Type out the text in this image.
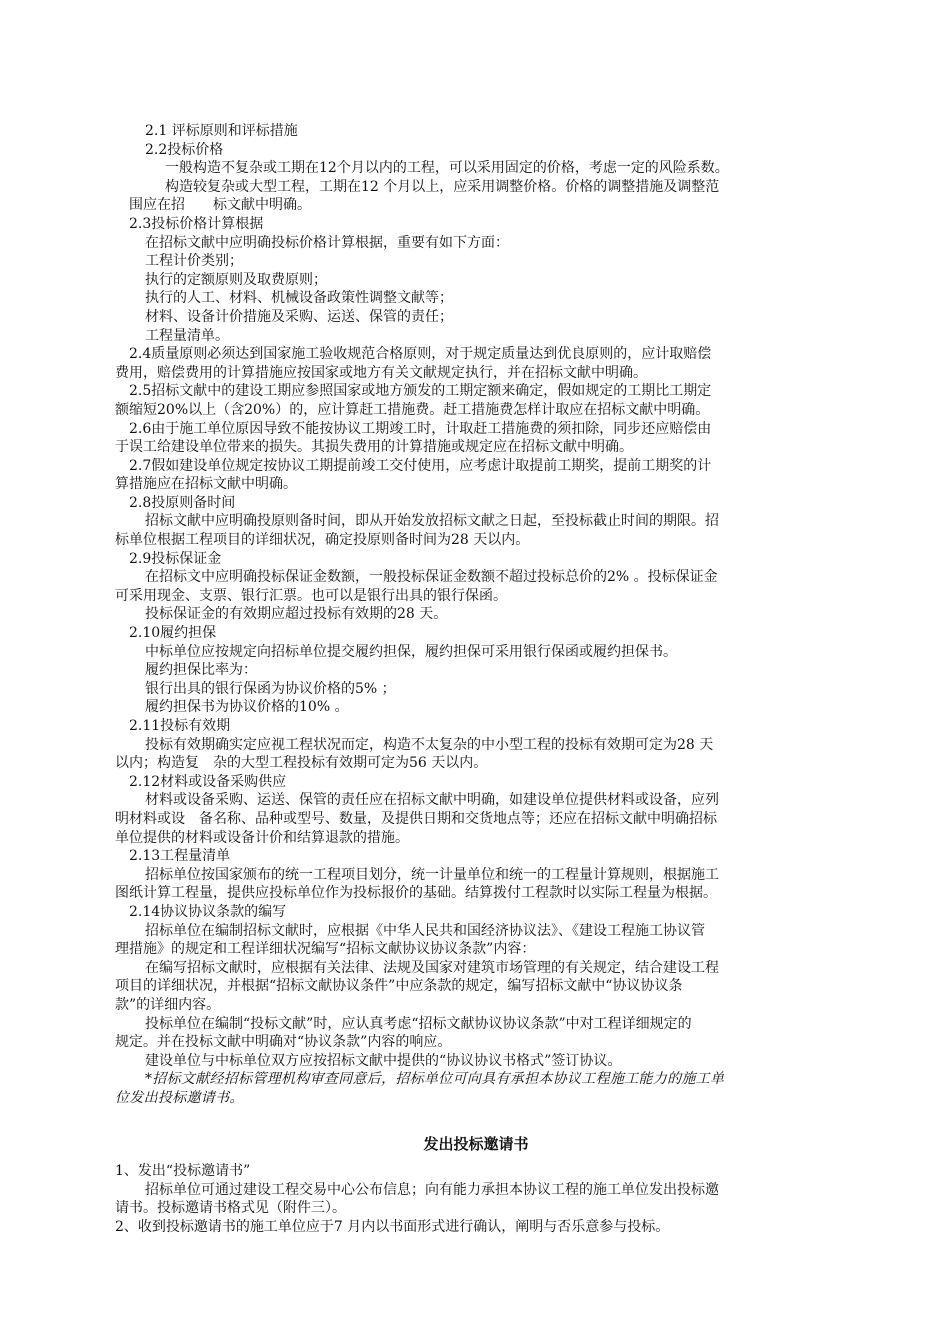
2.1 评标原则和评标措施
2.2投标价格
一般构造不复杂或工期在12个月以内的工程，可以采用固定的价格，考虑一定的风险系数。
构造较复杂或大型工程，工期在12 个月以上，应采用调整价格。价格的调整措施及调整范
围应在招　　标文献中明确。
2.3投标价格计算根据
在招标文献中应明确投标价格计算根据，重要有如下方面：
工程计价类别；
执行的定额原则及取费原则；
执行的人工、材料、机械设备政策性调整文献等；
材料、设备计价措施及采购、运送、保管的责任；
工程量清单。
2.4质量原则必须达到国家施工验收规范合格原则，对于规定质量达到优良原则的，应计取赔偿
费用，赔偿费用的计算措施应按国家或地方有关文献规定执行，并在招标文献中明确。
2.5招标文献中的建设工期应参照国家或地方颁发的工期定额来确定，假如规定的工期比工期定
额缩短20%以上（含20%）的，应计算赶工措施费。赶工措施费怎样计取应在招标文献中明确。
2.6由于施工单位原因导致不能按协议工期竣工时，计取赶工措施费的须扣除，同步还应赔偿由
于误工给建设单位带来的损失。其损失费用的计算措施或规定应在招标文献中明确。
2.7假如建设单位规定按协议工期提前竣工交付使用，应考虑计取提前工期奖，提前工期奖的计
算措施应在招标文献中明确。
2.8投原则备时间
招标文献中应明确投原则备时间，即从开始发放招标文献之日起，至投标截止时间的期限。招
标单位根据工程项目的详细状况，确定投原则备时间为28 天以内。
2.9投标保证金
在招标文中应明确投标保证金数额，一般投标保证金数额不超过投标总价的2% 。投标保证金
可采用现金、支票、银行汇票。也可以是银行出具的银行保函。
投标保证金的有效期应超过投标有效期的28 天。
2.10履约担保
中标单位应按规定向招标单位提交履约担保，履约担保可采用银行保函或履约担保书。
履约担保比率为：
银行出具的银行保函为协议价格的5% ；
履约担保书为协议价格的10% 。
2.11投标有效期
投标有效期确实定应视工程状况而定，构造不太复杂的中小型工程的投标有效期可定为28 天
以内；构造复　杂的大型工程投标有效期可定为56 天以内。
2.12材料或设备采购供应
材料或设备采购、运送、保管的责任应在招标文献中明确，如建设单位提供材料或设备，应列
明材料或设　备名称、品种或型号、数量，及提供日期和交货地点等；还应在招标文献中明确招标
单位提供的材料或设备计价和结算退款的措施。
2.13工程量清单
招标单位按国家颁布的统一工程项目划分，统一计量单位和统一的工程量计算规则，根据施工
图纸计算工程量，提供应投标单位作为投标报价的基础。结算拨付工程款时以实际工程量为根据。
2.14协议协议条款的编写
招标单位在编制招标文献时，应根据《中华人民共和国经济协议法》、《建设工程施工协议管
理措施》的规定和工程详细状况编写“招标文献协议协议条款”内容：
在编写招标文献时，应根据有关法律、法规及国家对建筑市场管理的有关规定，结合建设工程
项目的详细状况，并根据“招标文献协议条件”中应条款的规定，编写招标文献中“协议协议条
款”的详细内容。
投标单位在编制“投标文献”时，应认真考虑“招标文献协议协议条款”中对工程详细规定的
规定。并在投标文献中明确对“协议条款”内容的响应。
建设单位与中标单位双方应按招标文献中提供的“协议协议书格式”签订协议。
*招标文献经招标管理机构审查同意后，招标单位可向具有承担本协议工程施工能力的施工单
位发出投标邀请书。
发出投标邀请书
1、发出“投标邀请书”
招标单位可通过建设工程交易中心公布信息；向有能力承担本协议工程的施工单位发出投标邀
请书。投标邀请书格式见（附件三）。
2、收到投标邀请书的施工单位应于7 月内以书面形式进行确认，阐明与否乐意参与投标。
